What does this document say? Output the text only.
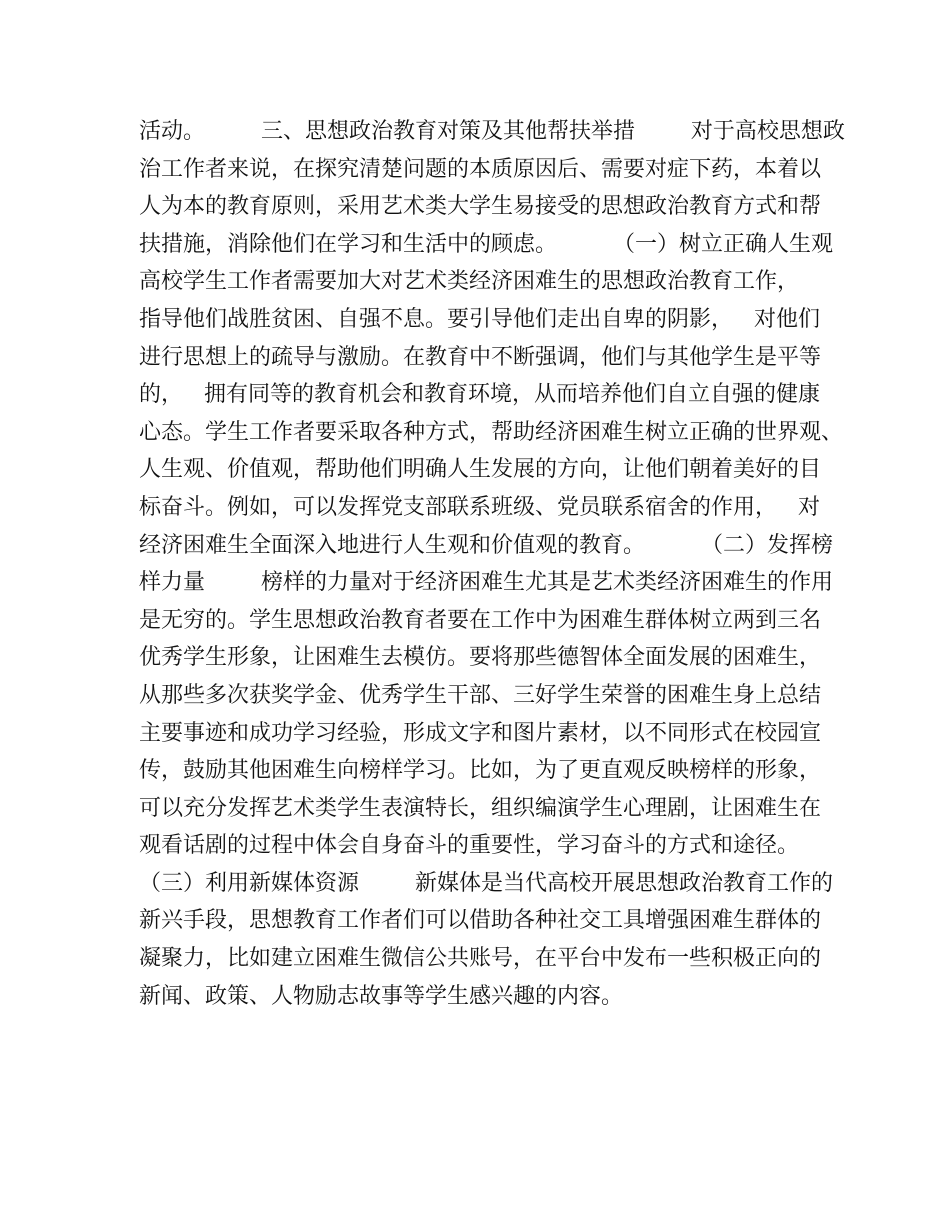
活动。        三、思想政治教育对策及其他帮扶举措        对于高校思想政
治工作者来说，在探究清楚问题的本质原因后、需要对症下药，本着以
人为本的教育原则，采用艺术类大学生易接受的思想政治教育方式和帮
扶措施，消除他们在学习和生活中的顾虑。        （一）树立正确人生观
高校学生工作者需要加大对艺术类经济困难生的思想政治教育工作，
指导他们战胜贫困、自强不息。要引导他们走出自卑的阴影，   对他们
进行思想上的疏导与激励。在教育中不断强调，他们与其他学生是平等
的，   拥有同等的教育机会和教育环境，从而培养他们自立自强的健康
心态。学生工作者要采取各种方式，帮助经济困难生树立正确的世界观、
人生观、价值观，帮助他们明确人生发展的方向，让他们朝着美好的目
标奋斗。例如，可以发挥党支部联系班级、党员联系宿舍的作用，   对
经济困难生全面深入地进行人生观和价值观的教育。        （二）发挥榜
样力量        榜样的力量对于经济困难生尤其是艺术类经济困难生的作用
是无穷的。学生思想政治教育者要在工作中为困难生群体树立两到三名
优秀学生形象，让困难生去模仿。要将那些德智体全面发展的困难生，
从那些多次获奖学金、优秀学生干部、三好学生荣誉的困难生身上总结
主要事迹和成功学习经验，形成文字和图片素材，以不同形式在校园宣
传，鼓励其他困难生向榜样学习。比如，为了更直观反映榜样的形象，
可以充分发挥艺术类学生表演特长，组织编演学生心理剧，让困难生在
观看话剧的过程中体会自身奋斗的重要性，学习奋斗的方式和途径。
（三）利用新媒体资源        新媒体是当代高校开展思想政治教育工作的
新兴手段，思想教育工作者们可以借助各种社交工具增强困难生群体的
凝聚力，比如建立困难生微信公共账号，在平台中发布一些积极正向的
新闻、政策、人物励志故事等学生感兴趣的内容。
